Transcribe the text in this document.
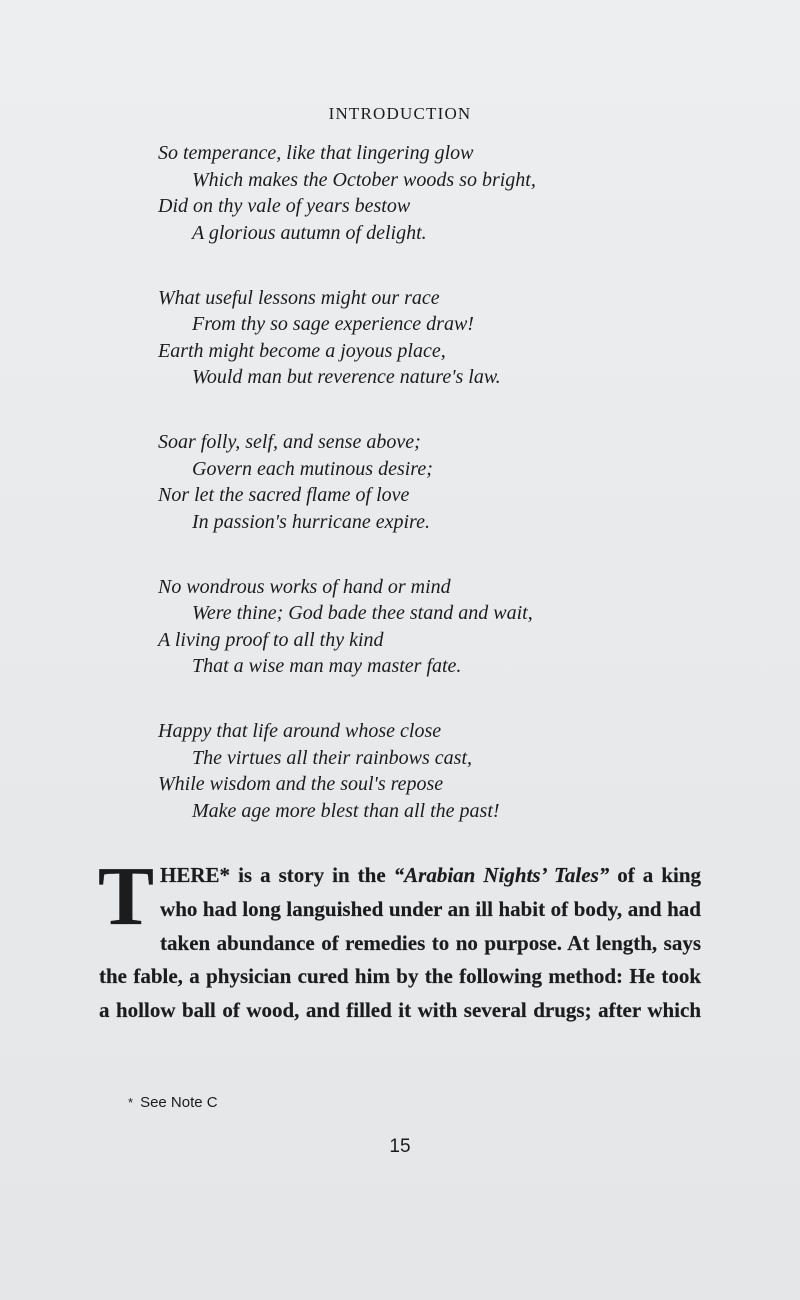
INTRODUCTION
So temperance, like that lingering glow
Which makes the October woods so bright,
Did on thy vale of years bestow
A glorious autumn of delight.
What useful lessons might our race
From thy so sage experience draw!
Earth might become a joyous place,
Would man but reverence nature's law.
Soar folly, self, and sense above;
Govern each mutinous desire;
Nor let the sacred flame of love
In passion's hurricane expire.
No wondrous works of hand or mind
Were thine; God bade thee stand and wait,
A living proof to all thy kind
That a wise man may master fate.
Happy that life around whose close
The virtues all their rainbows cast,
While wisdom and the soul's repose
Make age more blest than all the past!

THERE* is a story in the “Arabian Nights’ Tales” of a king who had long languished under an ill habit of body, and had taken abundance of remedies to no purpose. At length, says the fable, a physician cured him by the following method: He took a hollow ball of wood, and filled it with several drugs; after which

* See Note C
15
